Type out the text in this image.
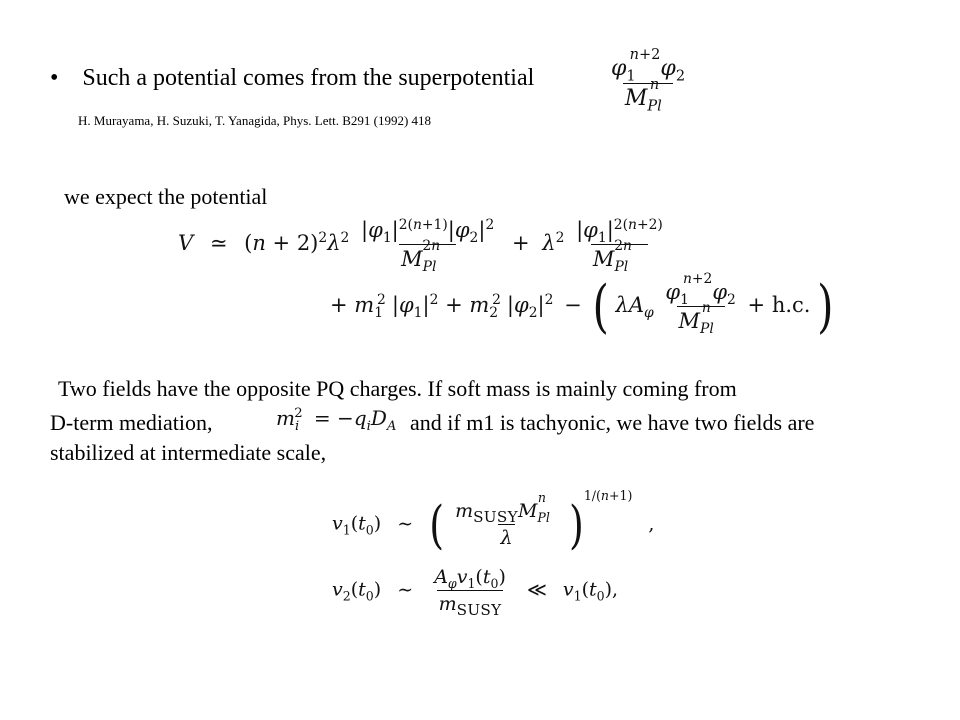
• Such a potential comes from the superpotential	$\frac{\varphi_1^{n+2}\varphi_2}{M_{Pl}^n}$
H. Murayama, H. Suzuki, T. Yanagida, Phys. Lett. B291 (1992) 418
we expect the potential
V ≃ $(n + 2)^2\lambda^2 \frac{|\varphi_1|^{2(n+1)}|\varphi_2|^2}{M_{Pl}^{2n}} + \lambda^2 \frac{|\varphi_1|^{2(n+2)}}{M_{Pl}^{2n}}$
+ $m_1^2$ $|\varphi_1|^2 + m_2^2$ $|\varphi_2|^2$ − ( $\lambda A_\varphi \frac{\varphi_1^{n+2}\varphi_2}{M_{Pl}^n} + h.c$. )
Two fields have the opposite PQ charges. If soft mass is mainly coming from
D-term mediation,	$m_i^2 = -q_iD_A$ and if m1 is tachyonic, we have two fields are
stabilized at intermediate scale,
$v_1(t_0)$ ∼ ( $\frac{m_{SUSY}M_{Pl}^n}{\lambda} )^{1/(n+1)}$ ,
$v_2(t_0)$ ∼ $\frac{A_\varphi v_1(t_0)}{m_{SUSY}}$ ≪ $v_1(t_0)$,
